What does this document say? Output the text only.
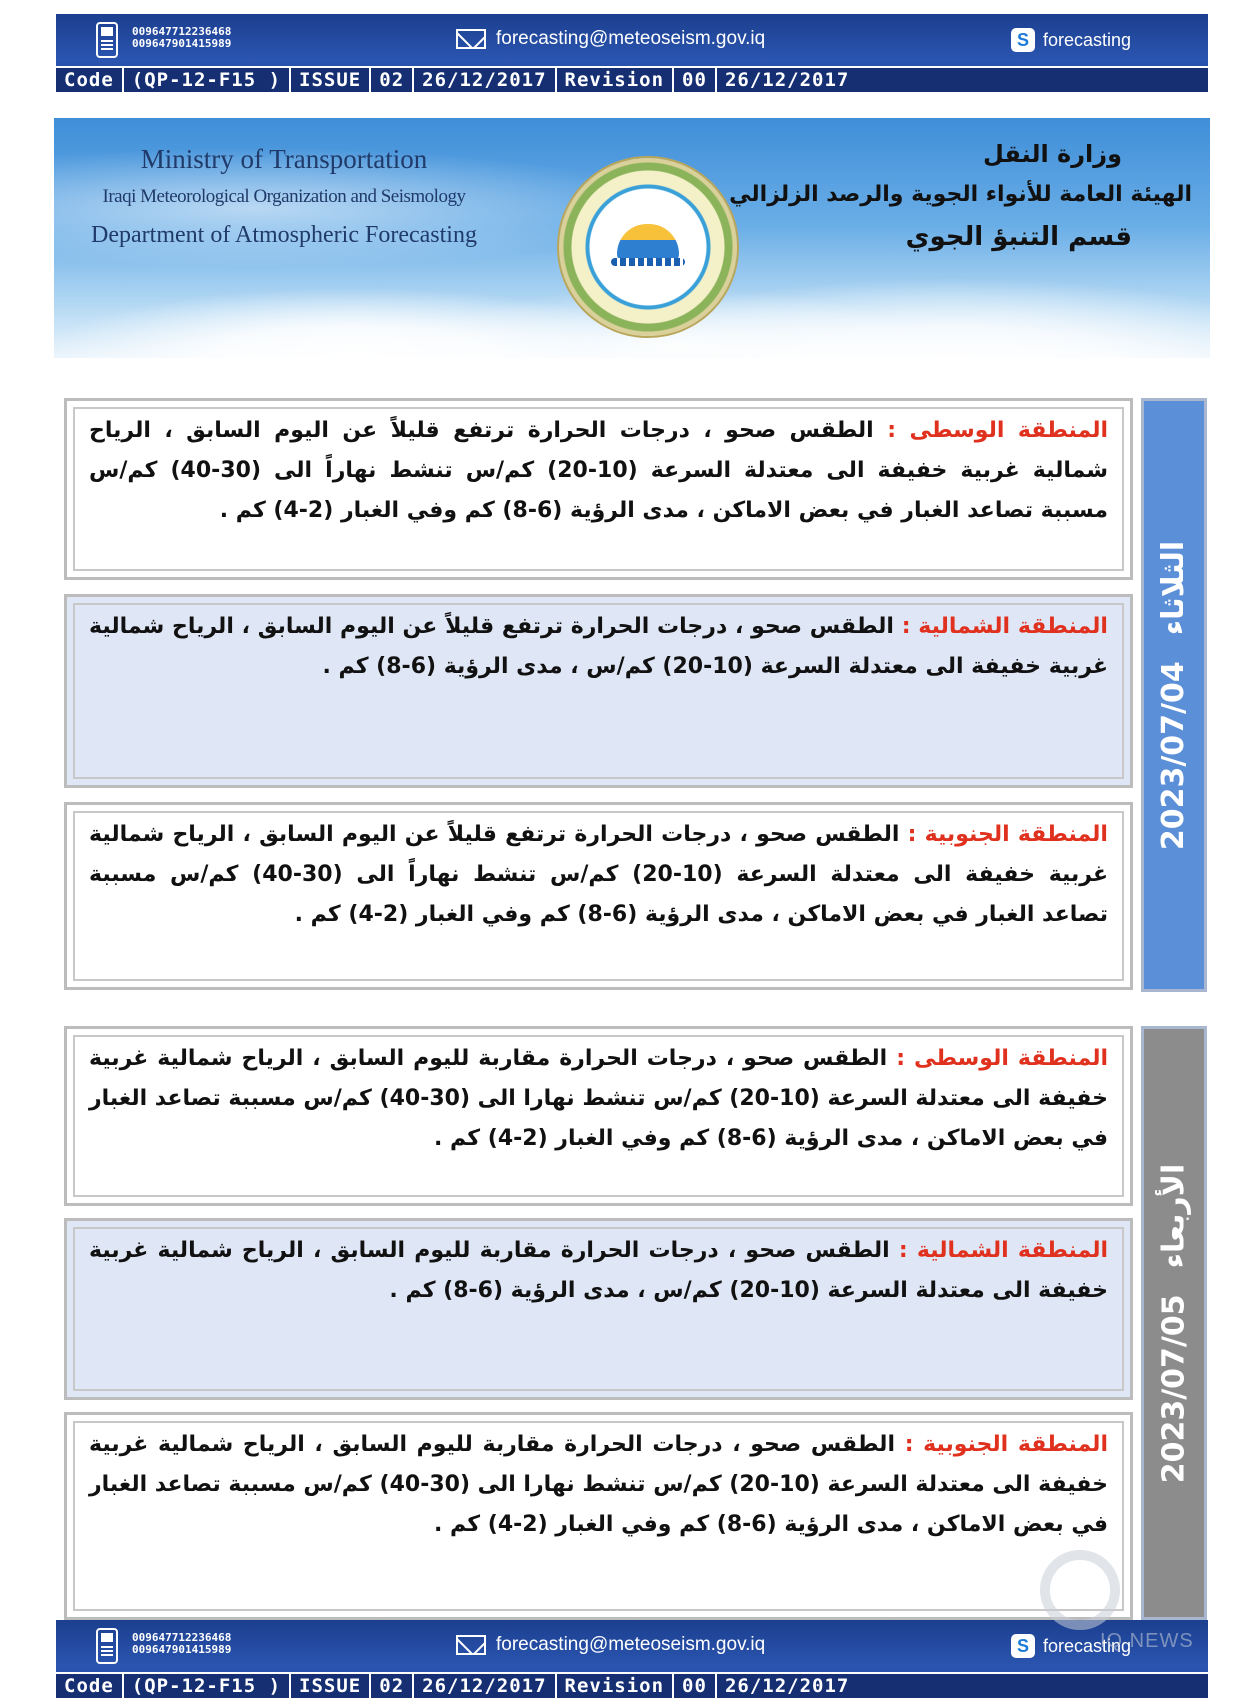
009647712236468
009647901415989	forecasting@meteoseism.gov.iq	S forecasting
Code (QP-12-F15 ) ISSUE 02 26/12/2017 Revision 00 26/12/2017
Ministry of Transportation
Iraqi Meteorological Organization and Seismology
Department of Atmospheric Forecasting
وزارة النقل
الهيئة العامة للأنواء الجوية والرصد الزلزالي
قسم التنبؤ الجوي
المنطقة الوسطى : الطقس صحو ، درجات الحرارة ترتفع قليلاً عن اليوم السابق ، الرياح شمالية غربية خفيفة الى معتدلة السرعة (10-20) كم/س تنشط نهاراً الى (30-40) كم/س مسببة تصاعد الغبار في بعض الاماكن ، مدى الرؤية (6-8) كم وفي الغبار (2-4) كم .
المنطقة الشمالية : الطقس صحو ، درجات الحرارة ترتفع قليلاً عن اليوم السابق ، الرياح شمالية غربية خفيفة الى معتدلة السرعة (10-20) كم/س ، مدى الرؤية (6-8) كم .
المنطقة الجنوبية : الطقس صحو ، درجات الحرارة ترتفع قليلاً عن اليوم السابق ، الرياح شمالية غربية خفيفة الى معتدلة السرعة (10-20) كم/س تنشط نهاراً الى (30-40) كم/س مسببة تصاعد الغبار في بعض الاماكن ، مدى الرؤية (6-8) كم وفي الغبار (2-4) كم .
2023/07/04
الثلاثاء
المنطقة الوسطى : الطقس صحو ، درجات الحرارة مقاربة لليوم السابق ، الرياح شمالية غربية خفيفة الى معتدلة السرعة (10-20) كم/س تنشط نهارا الى (30-40) كم/س مسببة تصاعد الغبار في بعض الاماكن ، مدى الرؤية (6-8) كم وفي الغبار (2-4) كم .
المنطقة الشمالية : الطقس صحو ، درجات الحرارة مقاربة لليوم السابق ، الرياح شمالية غربية خفيفة الى معتدلة السرعة (10-20) كم/س ، مدى الرؤية (6-8) كم .
المنطقة الجنوبية : الطقس صحو ، درجات الحرارة مقاربة لليوم السابق ، الرياح شمالية غربية خفيفة الى معتدلة السرعة (10-20) كم/س تنشط نهارا الى (30-40) كم/س مسببة تصاعد الغبار في بعض الاماكن ، مدى الرؤية (6-8) كم وفي الغبار (2-4) كم .
2023/07/05
الأربعاء
009647712236468
009647901415989	forecasting@meteoseism.gov.iq	S forecasting
Code (QP-12-F15 ) ISSUE 02 26/12/2017 Revision 00 26/12/2017
IQ NEWS
